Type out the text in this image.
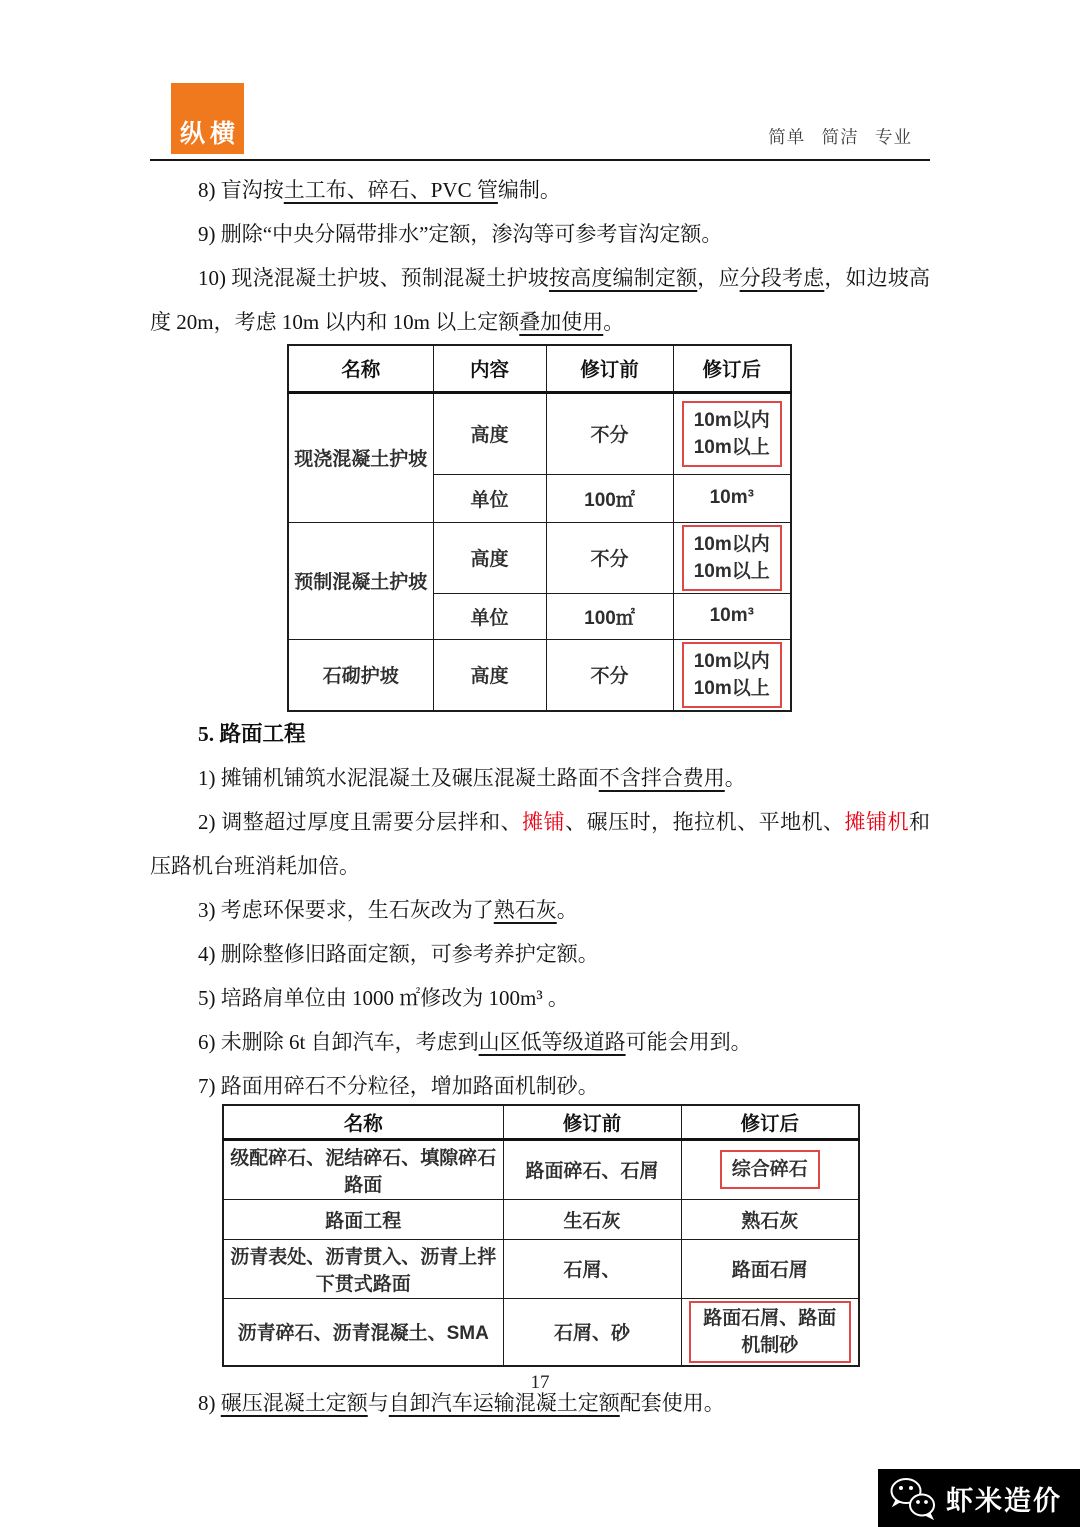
纵横	简单 简洁 专业

8) 盲沟按土工布、碎石、PVC 管编制。

9) 删除“中央分隔带排水”定额，渗沟等可参考盲沟定额。

10) 现浇混凝土护坡、预制混凝土护坡按高度编制定额，应分段考虑，如边坡高度 20m，考虑 10m 以内和 10m 以上定额叠加使用。

名称	内容	修订前	修订后
现浇混凝土护坡	高度	不分	10m以内
10m以上

	单位	100㎡	10m³
预制混凝土护坡	高度	不分	10m以内
10m以上

	单位	100㎡	10m³
石砌护坡	高度	不分	10m以内
10m以上
5. 路面工程

1) 摊铺机铺筑水泥混凝土及碾压混凝土路面不含拌合费用。

2) 调整超过厚度且需要分层拌和、摊铺、碾压时，拖拉机、平地机、摊铺机和压路机台班消耗加倍。

3) 考虑环保要求，生石灰改为了熟石灰。

4) 删除整修旧路面定额，可参考养护定额。

5) 培路肩单位由 1000 ㎡修改为 100m³ 。

6) 未删除 6t 自卸汽车，考虑到山区低等级道路可能会用到。

7) 路面用碎石不分粒径，增加路面机制砂。

名称	修订前	修订后
级配碎石、泥结碎石、填隙碎石路面	路面碎石、石屑	综合碎石
路面工程	生石灰	熟石灰
沥青表处、沥青贯入、沥青上拌下贯式路面	石屑、	路面石屑
沥青碎石、沥青混凝土、SMA	石屑、砂	路面石屑、路面机制砂

8) 碾压混凝土定额与自卸汽车运输混凝土定额配套使用。

17
虾米造价
